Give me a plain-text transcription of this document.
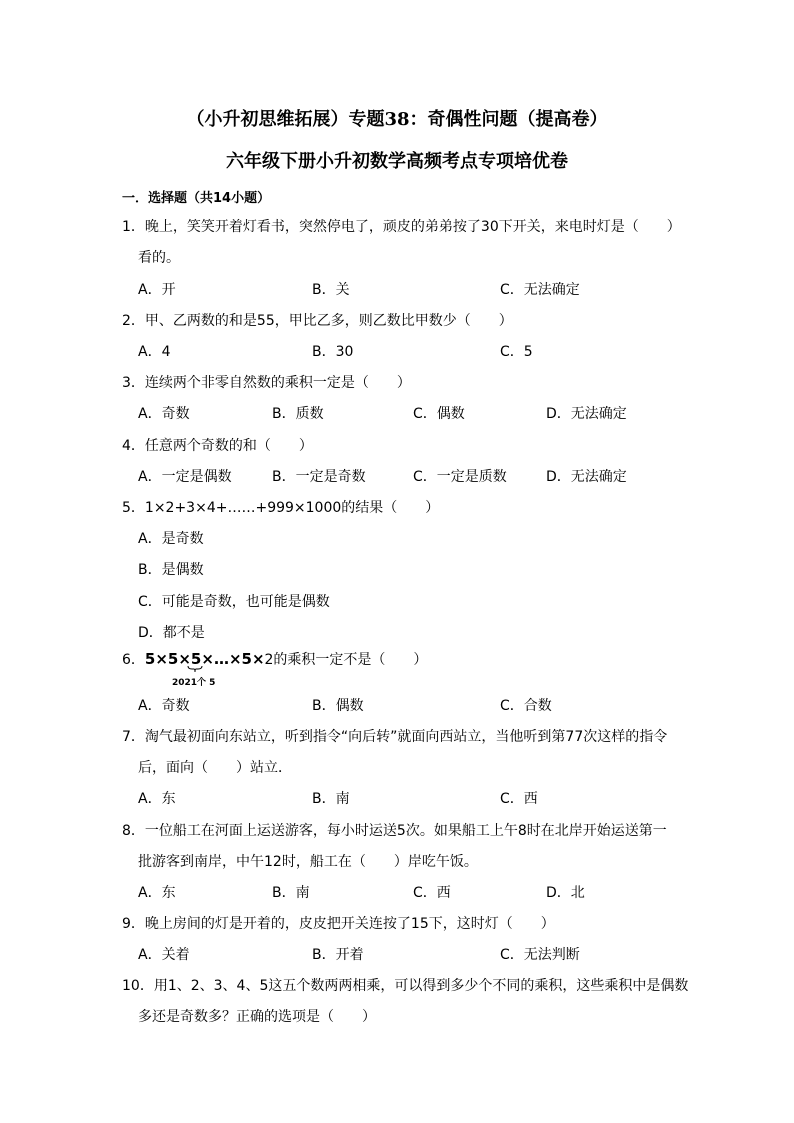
（小升初思维拓展）专题38：奇偶性问题（提高卷）
六年级下册小升初数学高频考点专项培优卷
一．选择题（共14小题）
1．晚上，笑笑开着灯看书，突然停电了，顽皮的弟弟按了30下开关，来电时灯是（　　）
看的。
A．开	B．关	C．无法确定
2．甲、乙两数的和是55，甲比乙多，则乙数比甲数少（　　）
A．4	B．30	C．5
3．连续两个非零自然数的乘积一定是（　　）
A．奇数	B．质数	C．偶数	D．无法确定
4．任意两个奇数的和（　　）
A．一定是偶数	B．一定是奇数	C．一定是质数	D．无法确定
5．1×2+3×4+……+999×1000的结果（　　）
A．是奇数
B．是偶数
C．可能是奇数，也可能是偶数
D．都不是
6．5×5×5×…×5×2的乘积一定不是（　　）
2021个 5
A．奇数	B．偶数	C．合数
7．淘气最初面向东站立，听到指令“向后转”就面向西站立，当他听到第77次这样的指令
后，面向（　　）站立．
A．东	B．南	C．西
8．一位船工在河面上运送游客，每小时运送5次。如果船工上午8时在北岸开始运送第一
批游客到南岸，中午12时，船工在（　　）岸吃午饭。
A．东	B．南	C．西	D．北
9．晚上房间的灯是开着的，皮皮把开关连按了15下，这时灯（　　）
A．关着	B．开着	C．无法判断
10．用1、2、3、4、5这五个数两两相乘，可以得到多少个不同的乘积，这些乘积中是偶数
多还是奇数多？正确的选项是（　　）
